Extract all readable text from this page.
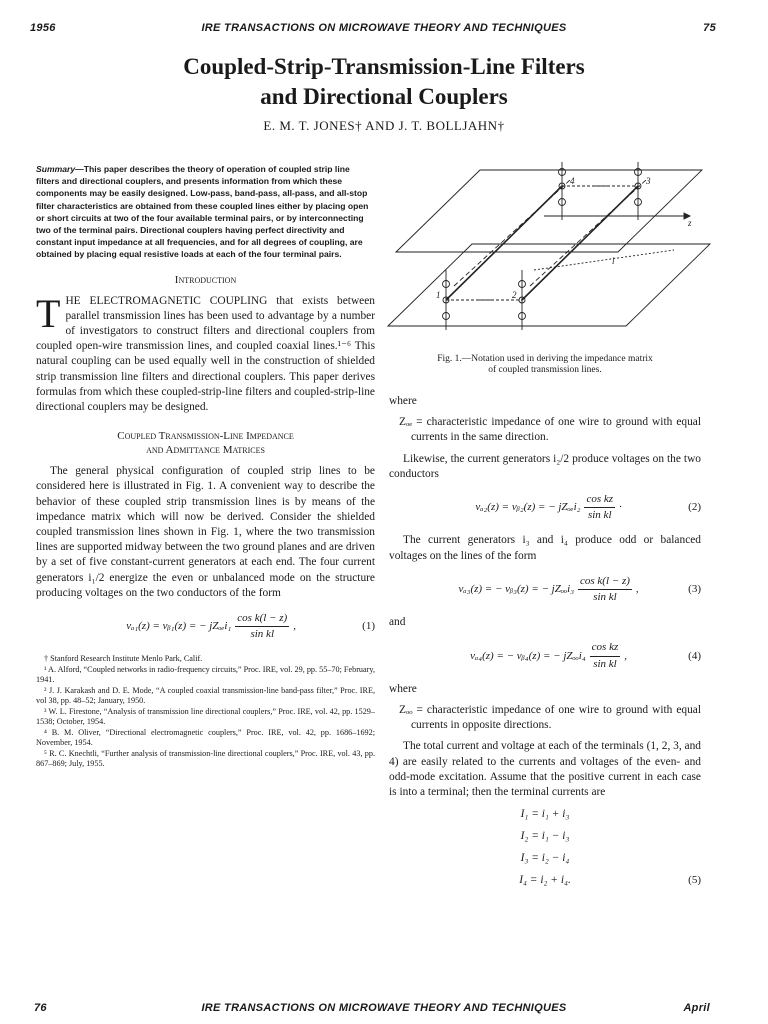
1956	IRE TRANSACTIONS ON MICROWAVE THEORY AND TECHNIQUES	75
Coupled-Strip-Transmission-Line Filters
and Directional Couplers
E. M. T. JONES† AND J. T. BOLLJAHN†

Summary—This paper describes the theory of operation of coupled strip line filters and directional couplers, and presents information from which these components may be easily designed. Low-pass, band-pass, all-pass, and all-stop filter characteristics are obtained from these coupled lines either by placing open or short circuits at two of the four available terminal pairs, or by interconnecting two of the terminal pairs. Directional couplers having perfect directivity and constant input impedance at all frequencies, and for all degrees of coupling, are obtained by placing equal resistive loads at each of the four terminal pairs.

Introduction

THE ELECTROMAGNETIC COUPLING that exists between parallel transmission lines has been used to advantage by a number of investigators to construct filters and directional couplers from coupled open-wire transmission lines, and coupled coaxial lines.¹⁻⁶ This natural coupling can be used equally well in the construction of shielded strip transmission line filters and directional couplers. This paper derives formulas from which these coupled-strip-line filters and coupled-strip-line directional couplers may be designed.

Coupled Transmission-Line Impedance
and Admittance Matrices

The general physical configuration of coupled strip lines to be considered here is illustrated in Fig. 1. A convenient way to describe the behavior of these coupled strip transmission lines is by means of the impedance matrix which will now be derived. Consider the shielded coupled transmission lines shown in Fig. 1, where the two transmission lines are supported midway between the two ground planes and are driven by a set of five constant-current generators at each end. The four current generators i₁/2 energize the even or unbalanced mode on the structure producing voltages on the two conductors of the form

vₐ₁(z) = vᵦ₁(z) = − $jZ_{oe}i_1 \frac{\text{cos k(l − z)}}{\text{sin kl}}$ ,	(1)

† Stanford Research Institute Menlo Park, Calif.

¹ A. Alford, “Coupled networks in radio-frequency circuits,” Proc. IRE, vol. 29, pp. 55–70; February, 1941.

² J. J. Karakash and D. E. Mode, “A coupled coaxial transmission-line band-pass filter,” Proc. IRE, vol 38, pp. 48–52; January, 1950.

³ W. L. Firestone, “Analysis of transmission line directional couplers,” Proc. IRE, vol. 42, pp. 1529–1538; October, 1954.

⁴ B. M. Oliver, “Directional electromagnetic couplers,” Proc. IRE, vol. 42, pp. 1686–1692; November, 1954.

⁵ R. C. Knechtli, “Further analysis of transmission-line directional couplers,” Proc. IRE, vol. 43, pp. 867–869; July, 1955.

l
z
4	3
1	2
Fig. 1.—Notation used in deriving the impedance matrix
of coupled transmission lines.

where

Zₒₑ = characteristic impedance of one wire to ground with equal currents in the same direction.

Likewise, the current generators i₂/2 produce voltages on the two conductors

vₐ₂(z) = vᵦ₂(z) = − $jZ_{oe}i_2 \frac{\text{cos kz}}{\text{sin kl}}$ ·	(2)

The current generators i₃ and i₄ produce odd or balanced voltages on the lines of the form

vₐ₃(z) = − vᵦ₃(z) = − $jZ_{oo}i_3 \frac{\text{cos k(l − z)}}{\text{sin kl}}$ ,	(3)

and

vₐ₄(z) = − vᵦ₄(z) = − $jZ_{oo}i_4 \frac{\text{cos kz}}{\text{sin kl}}$ ,	(4)

where

Zₒₒ = characteristic impedance of one wire to ground with equal currents in opposite directions.

The total current and voltage at each of the terminals (1, 2, 3, and 4) are easily related to the currents and voltages of the even- and odd-mode excitation. Assume that the positive current in each case is into a terminal; then the terminal currents are

I₁ = i₁ + i₃
I₂ = i₁ − i₃
I₃ = i₂ − i₄
I₄ = i₂ + i₄.	(5)
76	IRE TRANSACTIONS ON MICROWAVE THEORY AND TECHNIQUES	April
